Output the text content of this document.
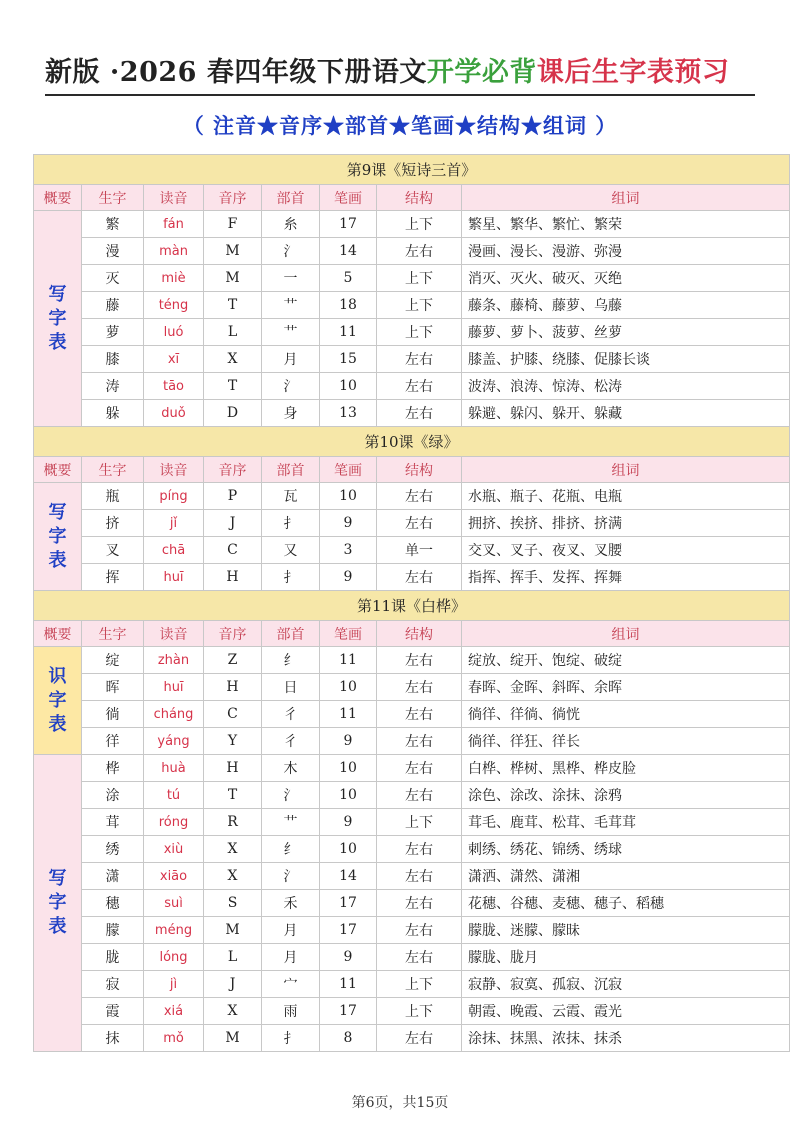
新版 ·2026 春四年级下册语文开学必背课后生字表预习
（ 注音★音序★部首★笔画★结构★组词 ）
第9课《短诗三首》							
概要	生字	读音	音序	部首	笔画	结构	组词

写
字
表	繁	fán	F	糸	17	上下	繁星、繁华、繁忙、繁荣
	漫	màn	M	氵	14	左右	漫画、漫长、漫游、弥漫
	灭	miè	M	一	5	上下	消灭、灭火、破灭、灭绝
	藤	téng	T	艹	18	上下	藤条、藤椅、藤萝、乌藤
	萝	luó	L	艹	11	上下	藤萝、萝卜、菠萝、丝萝
	膝	xī	X	月	15	左右	膝盖、护膝、绕膝、促膝长谈
	涛	tāo	T	氵	10	左右	波涛、浪涛、惊涛、松涛
	躲	duǒ	D	身	13	左右	躲避、躲闪、躲开、躲藏
第10课《绿》							
概要	生字	读音	音序	部首	笔画	结构	组词

写
字
表	瓶	píng	P	瓦	10	左右	水瓶、瓶子、花瓶、电瓶
	挤	jǐ	J	扌	9	左右	拥挤、挨挤、排挤、挤满
	叉	chā	C	又	3	单一	交叉、叉子、夜叉、叉腰
	挥	huī	H	扌	9	左右	指挥、挥手、发挥、挥舞
第11课《白桦》							
概要	生字	读音	音序	部首	笔画	结构	组词

识
字
表	绽	zhàn	Z	纟	11	左右	绽放、绽开、饱绽、破绽
	晖	huī	H	日	10	左右	春晖、金晖、斜晖、余晖
	徜	cháng	C	彳	11	左右	徜徉、徉徜、徜恍
	徉	yáng	Y	彳	9	左右	徜徉、徉狂、徉长

写
字
表	桦	huà	H	木	10	左右	白桦、桦树、黑桦、桦皮脸
	涂	tú	T	氵	10	左右	涂色、涂改、涂抹、涂鸦
	茸	róng	R	艹	9	上下	茸毛、鹿茸、松茸、毛茸茸
	绣	xiù	X	纟	10	左右	刺绣、绣花、锦绣、绣球
	潇	xiāo	X	氵	14	左右	潇洒、潇然、潇湘
	穗	suì	S	禾	17	左右	花穗、谷穗、麦穗、穗子、稻穗
	朦	méng	M	月	17	左右	朦胧、迷朦、朦昧
	胧	lóng	L	月	9	左右	朦胧、胧月
	寂	jì	J	宀	11	上下	寂静、寂寞、孤寂、沉寂
	霞	xiá	X	雨	17	上下	朝霞、晚霞、云霞、霞光
	抹	mǒ	M	扌	8	左右	涂抹、抹黑、浓抹、抹杀
第6页，共15页
